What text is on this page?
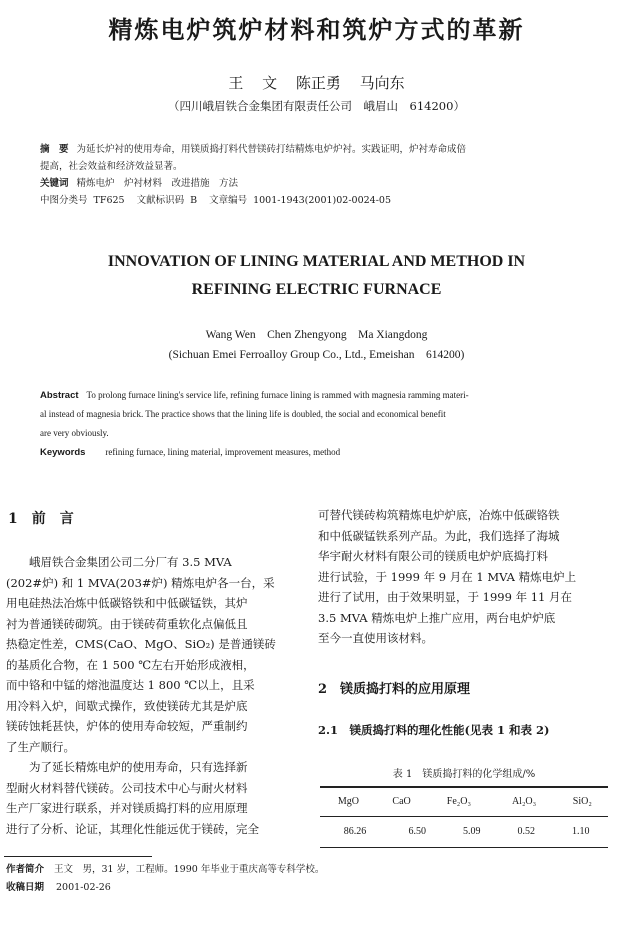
精炼电炉筑炉材料和筑炉方式的革新
王 文 陈正勇 马向东
（四川峨眉铁合金集团有限责任公司　峨眉山　614200）
摘　要 为延长炉衬的使用寿命，用镁质捣打料代替镁砖打结精炼电炉炉衬。实践证明，炉衬寿命成倍
提高，社会效益和经济效益显著。
关键词 精炼电炉　炉衬材料　改进措施　方法
中图分类号 TF625 文献标识码 B 文章编号 1001-1943(2001)02-0024-05
INNOVATION OF LINING MATERIAL AND METHOD IN
REFINING ELECTRIC FURNACE
Wang Wen　Chen Zhengyong　Ma Xiangdong
(Sichuan Emei Ferroalloy Group Co., Ltd., Emeishan　614200)
Abstract To prolong furnace lining's service life, refining furnace lining is rammed with magnesia ramming materi-
al instead of magnesia brick. The practice shows that the lining life is doubled, the social and economical benefit
are very obviously.
Keywords refining furnace, lining material, improvement measures, method
1　前　言

峨眉铁合金集团公司二分厂有 3.5 MVA
(202#炉) 和 1 MVA(203#炉) 精炼电炉各一台，采
用电硅热法冶炼中低碳铬铁和中低碳锰铁，其炉
衬为普通镁砖砌筑。由于镁砖荷重软化点偏低且
热稳定性差，CMS(CaO、MgO、SiO₂) 是普通镁砖
的基质化合物，在 1 500 ℃左右开始形成液相，
而中铬和中锰的熔池温度达 1 800 ℃以上，且采
用冷料入炉，间歇式操作，致使镁砖尤其是炉底
镁砖蚀耗甚快，炉体的使用寿命较短，严重制约
了生产顺行。

为了延长精炼电炉的使用寿命，只有选择新
型耐火材料替代镁砖。公司技术中心与耐火材料
生产厂家进行联系，并对镁质捣打料的应用原理
进行了分析、论证，其理化性能远优于镁砖，完全

可替代镁砖构筑精炼电炉炉底，冶炼中低碳铬铁
和中低碳锰铁系列产品。为此，我们选择了海城
华宇耐火材料有限公司的镁质电炉炉底捣打料
进行试验，于 1999 年 9 月在 1 MVA 精炼电炉上
进行了试用，由于效果明显，于 1999 年 11 月在
3.5 MVA 精炼电炉上推广应用，两台电炉炉底
至今一直使用该材料。

2　镁质捣打料的应用原理
2.1　镁质捣打料的理化性能(见表 1 和表 2)
表 1　镁质捣打料的化学组成/%
MgO	CaO	Fe₂O₃	Al₂O₃	SiO₂
86.26	6.50	5.09	0.52	1.10
作者简介 王文　男，31 岁，工程师。1990 年毕业于重庆高等专科学校。
收稿日期 2001-02-26
